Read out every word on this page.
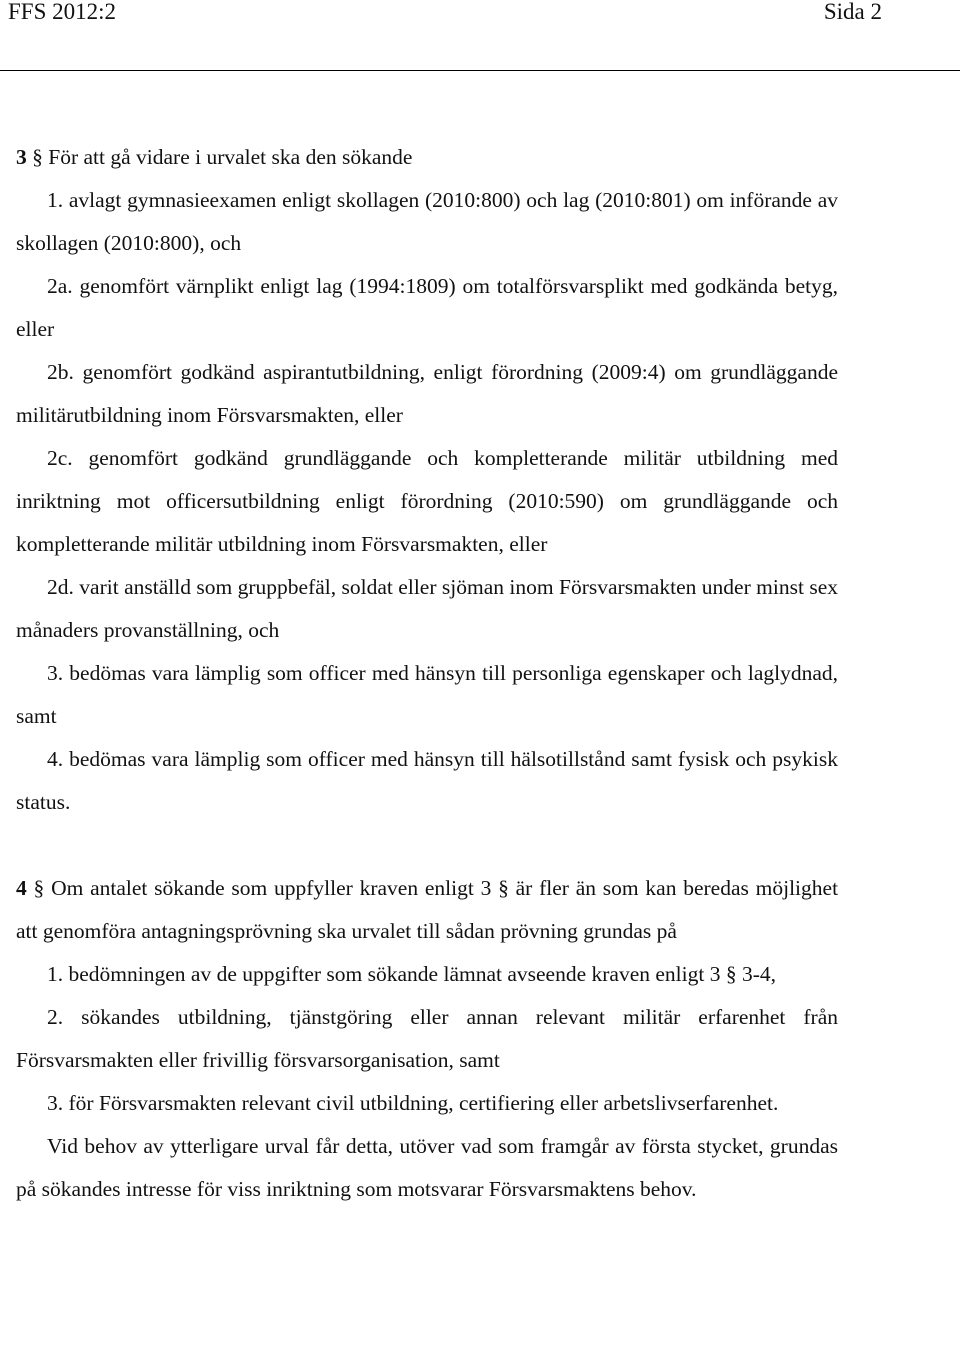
FFS 2012:2	Sida 2

3 § För att gå vidare i urvalet ska den sökande

1. avlagt gymnasieexamen enligt skollagen (2010:800) och lag (2010:801) om införande av skollagen (2010:800), och

2a. genomfört värnplikt enligt lag (1994:1809) om totalförsvarsplikt med godkända betyg, eller

2b. genomfört godkänd aspirantutbildning, enligt förordning (2009:4) om grundläggande militärutbildning inom Försvarsmakten, eller

2c. genomfört godkänd grundläggande och kompletterande militär utbildning med inriktning mot officersutbildning enligt förordning (2010:590) om grundläggande och kompletterande militär utbildning inom Försvarsmakten, eller

2d. varit anställd som gruppbefäl, soldat eller sjöman inom Försvarsmakten under minst sex månaders provanställning, och

3. bedömas vara lämplig som officer med hänsyn till personliga egenskaper och laglydnad, samt

4. bedömas vara lämplig som officer med hänsyn till hälsotillstånd samt fysisk och psykisk status.

4 § Om antalet sökande som uppfyller kraven enligt 3 § är fler än som kan beredas möjlighet att genomföra antagningsprövning ska urvalet till sådan prövning grundas på

1. bedömningen av de uppgifter som sökande lämnat avseende kraven enligt 3 § 3-4,

2. sökandes utbildning, tjänstgöring eller annan relevant militär erfarenhet från Försvarsmakten eller frivillig försvarsorganisation, samt

3. för Försvarsmakten relevant civil utbildning, certifiering eller arbetslivserfarenhet.

Vid behov av ytterligare urval får detta, utöver vad som framgår av första stycket, grundas på sökandes intresse för viss inriktning som motsvarar Försvarsmaktens behov.
